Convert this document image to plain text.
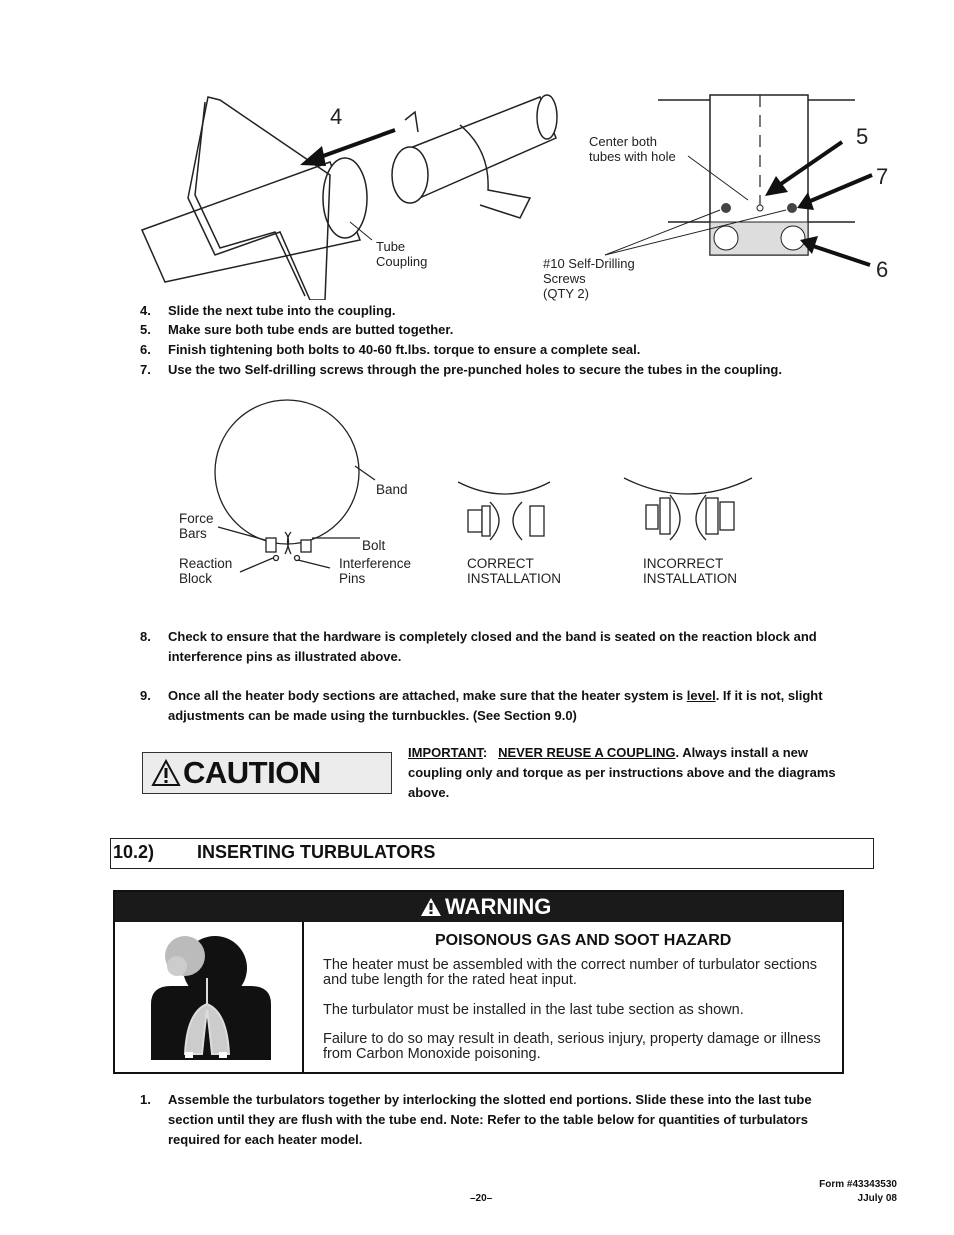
4
5
7
6
Tube
Coupling
Center both
tubes with hole
#10 Self-Drilling
Screws
(QTY 2)
4. Slide the next tube into the coupling.
5. Make sure both tube ends are butted together.
6. Finish tightening both bolts to 40-60 ft.lbs. torque to ensure a complete seal.
7. Use the two Self-drilling screws through the pre-punched holes to secure the tubes in the coupling.
Band
Force
Bars
Bolt
Reaction
Block
Interference
Pins
CORRECT
INSTALLATION
INCORRECT
INSTALLATION
8. Check to ensure that the hardware is completely closed and the band is seated on the reaction block and
interference pins as illustrated above.
9. Once all the heater body sections are attached, make sure that the heater system is level. If it is not, slight
adjustments can be made using the turnbuckles. (See Section 9.0)
CAUTION
IMPORTANT: NEVER REUSE A COUPLING. Always install a new
coupling only and torque as per instructions above and the diagrams
above.
10.2) INSERTING TURBULATORS
WARNING
POISONOUS GAS AND SOOT HAZARD
The heater must be assembled with the correct number of turbulator sections and tube length for the rated heat input.
The turbulator must be installed in the last tube section as shown.
Failure to do so may result in death, serious injury, property damage or illness from Carbon Monoxide poisoning.
1. Assemble the turbulators together by interlocking the slotted end portions. Slide these into the last tube
section until they are flush with the tube end. Note: Refer to the table below for quantities of turbulators
required for each heater model.
–20–
Form #43343530
JJuly 08
